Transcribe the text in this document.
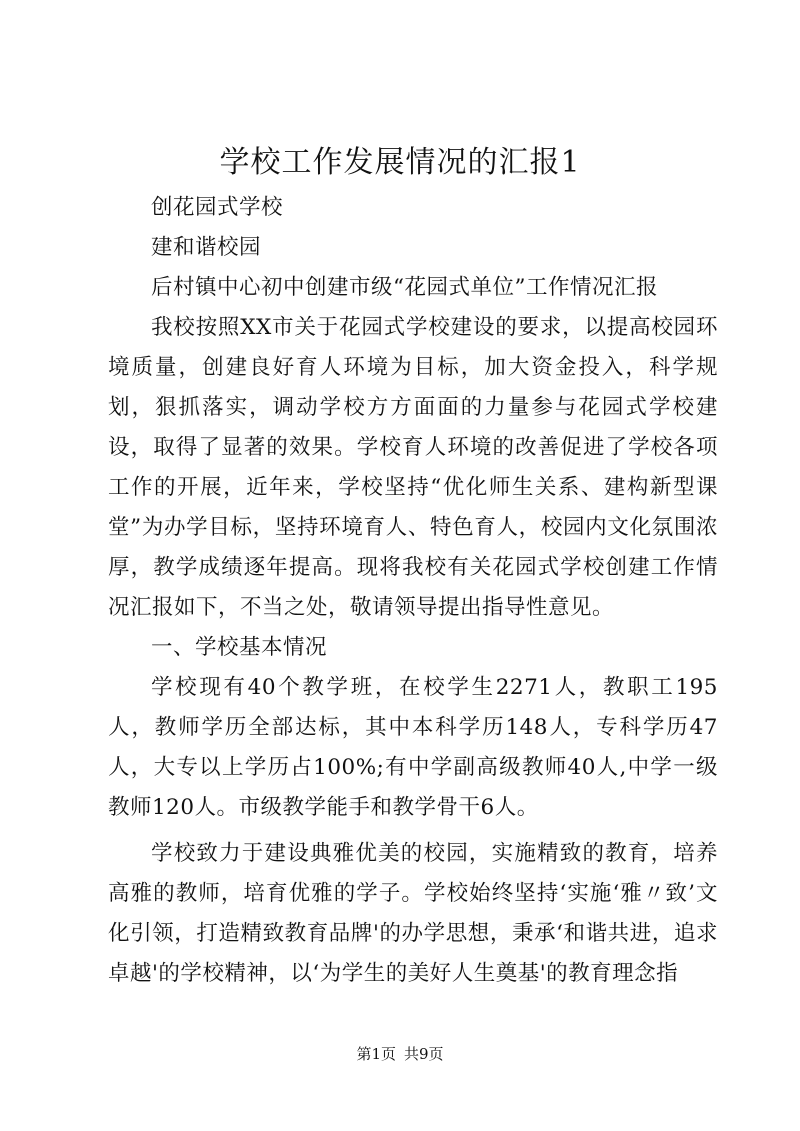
学校工作发展情况的汇报1

创花园式学校

建和谐校园

后村镇中心初中创建市级“花园式单位”工作情况汇报

我校按照XX市关于花园式学校建设的要求，以提高校园环境质量，创建良好育人环境为目标，加大资金投入，科学规划，狠抓落实，调动学校方方面面的力量参与花园式学校建设，取得了显著的效果。学校育人环境的改善促进了学校各项工作的开展，近年来，学校坚持“优化师生关系、建构新型课堂”为办学目标，坚持环境育人、特色育人，校园内文化氛围浓厚，教学成绩逐年提高。现将我校有关花园式学校创建工作情况汇报如下，不当之处，敬请领导提出指导性意见。

一、学校基本情况

学校现有40个教学班，在校学生2271人，教职工195人，教师学历全部达标，其中本科学历148人，专科学历47人，大专以上学历占100%;有中学副高级教师40人,中学一级教师120人。市级教学能手和教学骨干6人。

学校致力于建设典雅优美的校园，实施精致的教育，培养高雅的教师，培育优雅的学子。学校始终坚持‘实施‘雅〃致’文化引领，打造精致教育品牌'的办学思想，秉承‘和谐共进，追求卓越'的学校精神，以‘为学生的美好人生奠基'的教育理念指

第1页 共9页
